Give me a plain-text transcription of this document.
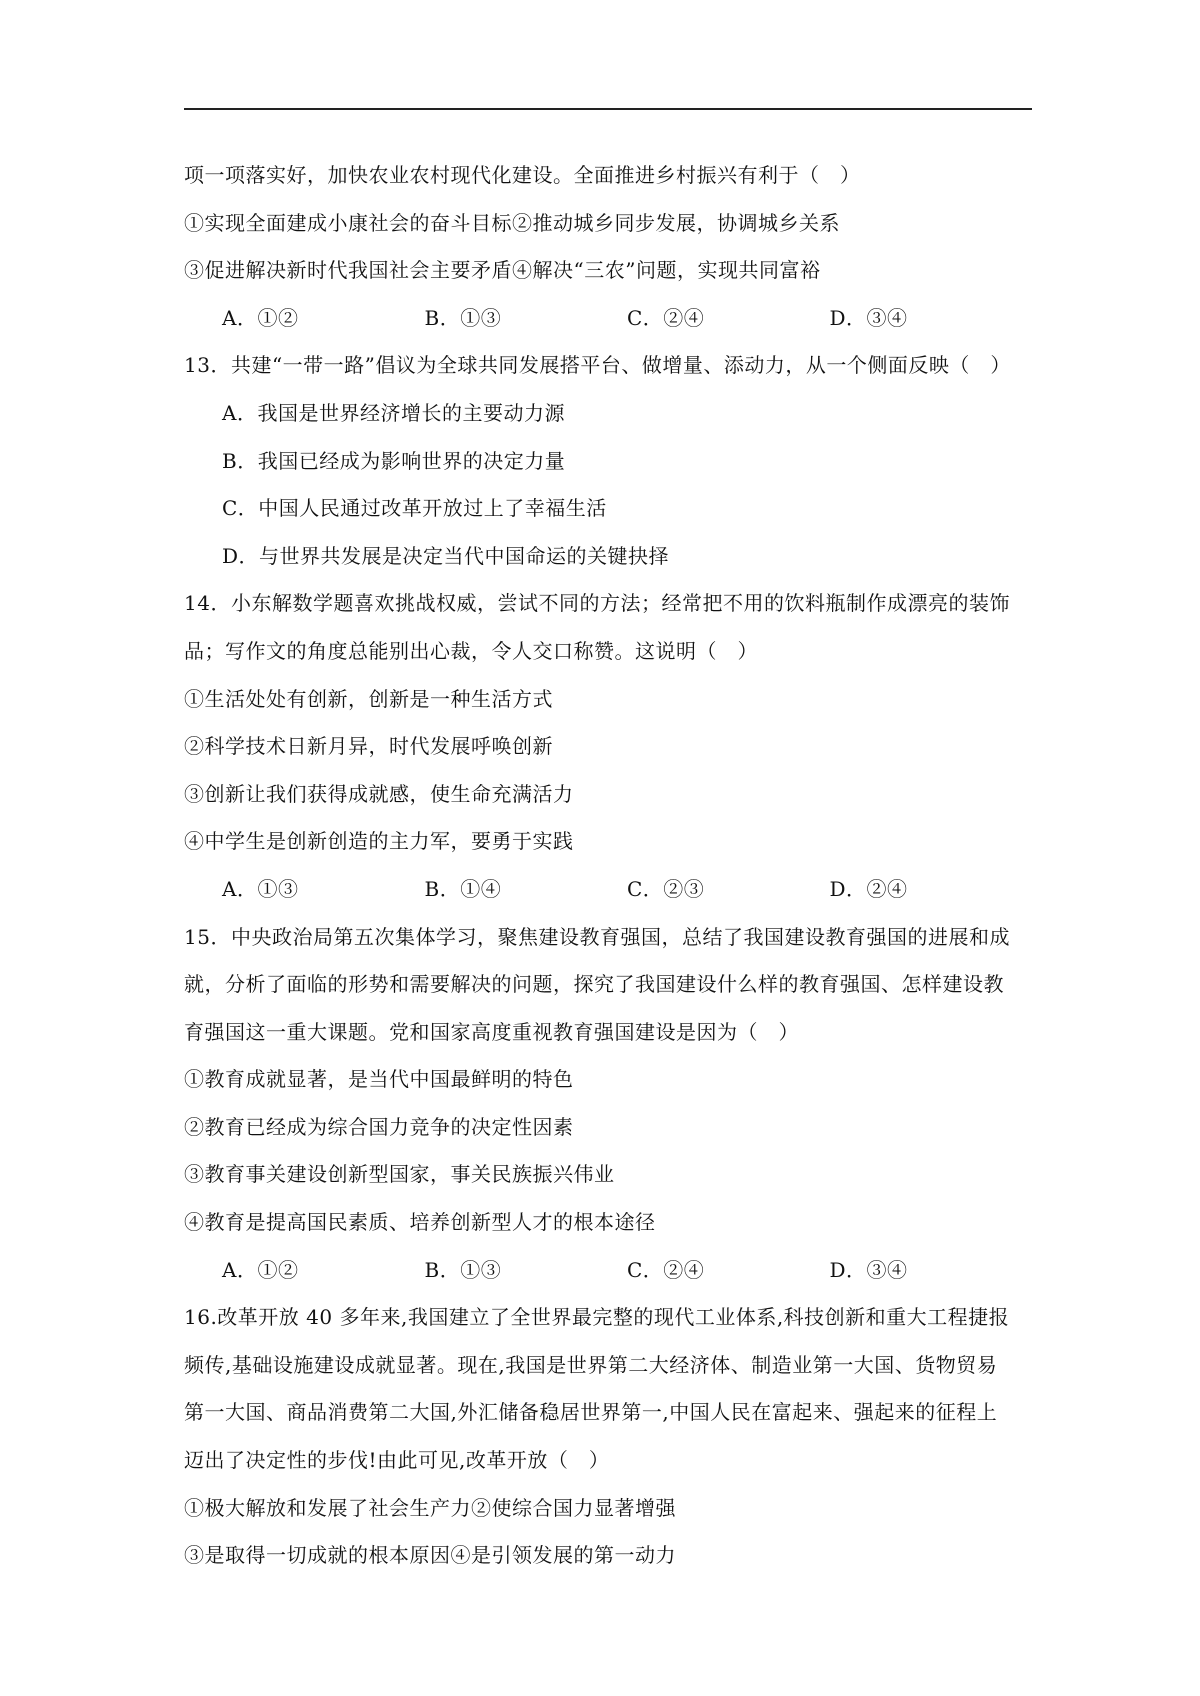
项一项落实好，加快农业农村现代化建设。全面推进乡村振兴有利于（　）
①实现全面建成小康社会的奋斗目标②推动城乡同步发展，协调城乡关系
③促进解决新时代我国社会主要矛盾④解决“三农”问题，实现共同富裕
A．①②	B．①③	C．②④	D．③④
13．共建“一带一路”倡议为全球共同发展搭平台、做增量、添动力，从一个侧面反映（　）
A．我国是世界经济增长的主要动力源
B．我国已经成为影响世界的决定力量
C．中国人民通过改革开放过上了幸福生活
D．与世界共发展是决定当代中国命运的关键抉择
14．小东解数学题喜欢挑战权威，尝试不同的方法；经常把不用的饮料瓶制作成漂亮的装饰
品；写作文的角度总能别出心裁，令人交口称赞。这说明（　）
①生活处处有创新，创新是一种生活方式
②科学技术日新月异，时代发展呼唤创新
③创新让我们获得成就感，使生命充满活力
④中学生是创新创造的主力军，要勇于实践
A．①③	B．①④	C．②③	D．②④
15．中央政治局第五次集体学习，聚焦建设教育强国，总结了我国建设教育强国的进展和成
就，分析了面临的形势和需要解决的问题，探究了我国建设什么样的教育强国、怎样建设教
育强国这一重大课题。党和国家高度重视教育强国建设是因为（　）
①教育成就显著，是当代中国最鲜明的特色
②教育已经成为综合国力竞争的决定性因素
③教育事关建设创新型国家，事关民族振兴伟业
④教育是提高国民素质、培养创新型人才的根本途径
A．①②	B．①③	C．②④	D．③④
16.改革开放 40 多年来,我国建立了全世界最完整的现代工业体系,科技创新和重大工程捷报
频传,基础设施建设成就显著。现在,我国是世界第二大经济体、制造业第一大国、货物贸易
第一大国、商品消费第二大国,外汇储备稳居世界第一,中国人民在富起来、强起来的征程上
迈出了决定性的步伐!由此可见,改革开放（　）
①极大解放和发展了社会生产力②使综合国力显著增强
③是取得一切成就的根本原因④是引领发展的第一动力
